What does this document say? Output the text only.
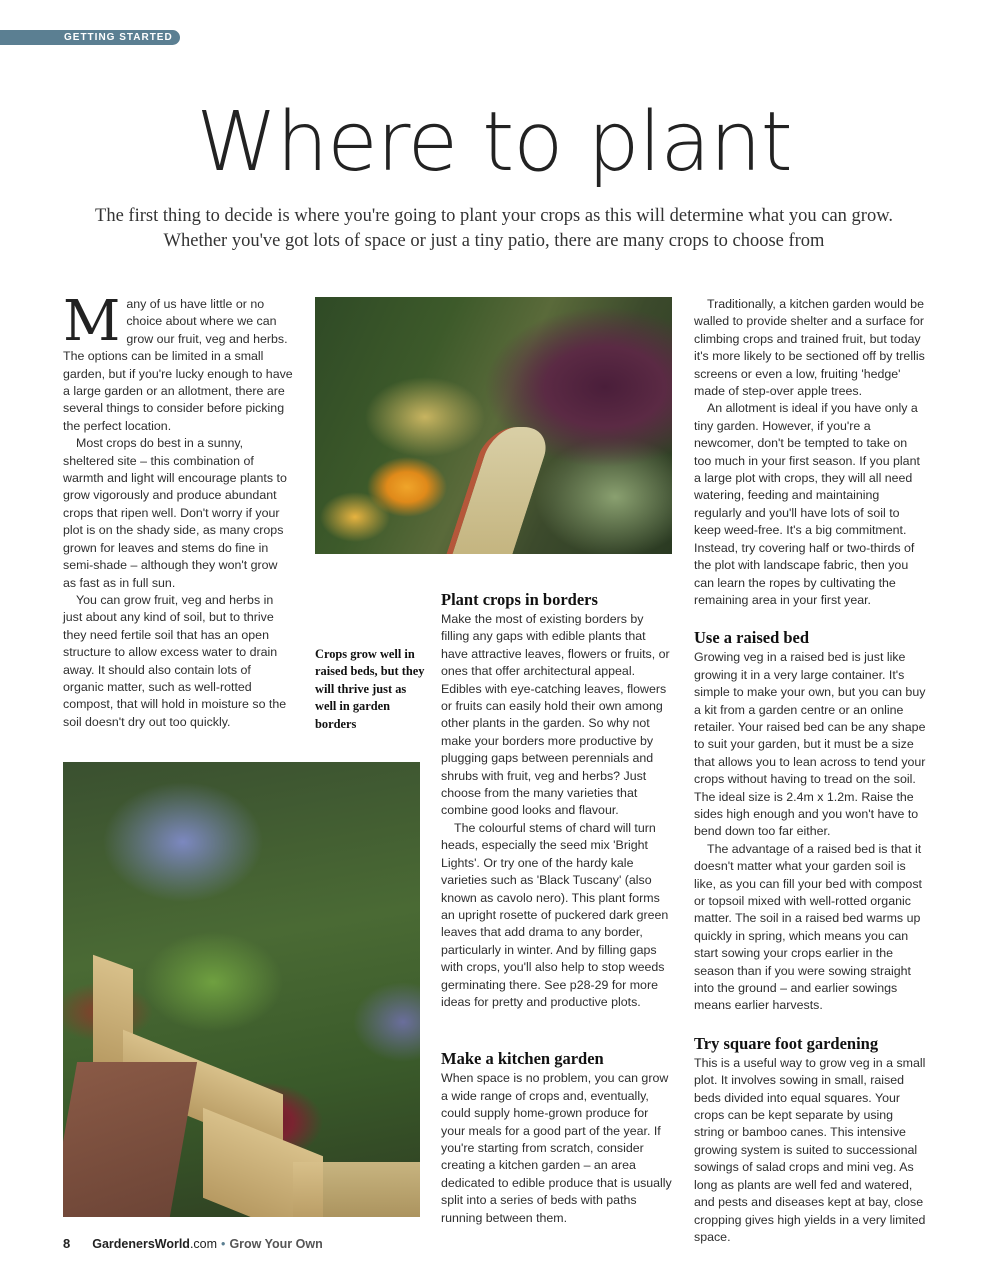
GETTING STARTED
Where to plant

The first thing to decide is where you're going to plant your crops as this will determine what you can grow. Whether you've got lots of space or just a tiny patio, there are many crops to choose from

Many of us have little or no choice about where we can grow our fruit, veg and herbs. The options can be limited in a small garden, but if you're lucky enough to have a large garden or an allotment, there are several things to consider before picking the perfect location.

Most crops do best in a sunny, sheltered site – this combination of warmth and light will encourage plants to grow vigorously and produce abundant crops that ripen well. Don't worry if your plot is on the shady side, as many crops grown for leaves and stems do fine in semi-shade – although they won't grow as fast as in full sun.

You can grow fruit, veg and herbs in just about any kind of soil, but to thrive they need fertile soil that has an open structure to allow excess water to drain away. It should also contain lots of organic matter, such as well-rotted compost, that will hold in moisture so the soil doesn't dry out too quickly.

Crops grow well in raised beds, but they will thrive just as well in garden borders
Plant crops in borders

Make the most of existing borders by filling any gaps with edible plants that have attractive leaves, flowers or fruits, or ones that offer architectural appeal. Edibles with eye-catching leaves, flowers or fruits can easily hold their own among other plants in the garden. So why not make your borders more productive by plugging gaps between perennials and shrubs with fruit, veg and herbs? Just choose from the many varieties that combine good looks and flavour.

The colourful stems of chard will turn heads, especially the seed mix 'Bright Lights'. Or try one of the hardy kale varieties such as 'Black Tuscany' (also known as cavolo nero). This plant forms an upright rosette of puckered dark green leaves that add drama to any border, particularly in winter. And by filling gaps with crops, you'll also help to stop weeds germinating there. See p28-29 for more ideas for pretty and productive plots.

Make a kitchen garden

When space is no problem, you can grow a wide range of crops and, eventually, could supply home-grown produce for your meals for a good part of the year. If you're starting from scratch, consider creating a kitchen garden – an area dedicated to edible produce that is usually split into a series of beds with paths running between them.

Traditionally, a kitchen garden would be walled to provide shelter and a surface for climbing crops and trained fruit, but today it's more likely to be sectioned off by trellis screens or even a low, fruiting 'hedge' made of step-over apple trees.

An allotment is ideal if you have only a tiny garden. However, if you're a newcomer, don't be tempted to take on too much in your first season. If you plant a large plot with crops, they will all need watering, feeding and maintaining regularly and you'll have lots of soil to keep weed-free. It's a big commitment. Instead, try covering half or two-thirds of the plot with landscape fabric, then you can learn the ropes by cultivating the remaining area in your first year.

Use a raised bed

Growing veg in a raised bed is just like growing it in a very large container. It's simple to make your own, but you can buy a kit from a garden centre or an online retailer. Your raised bed can be any shape to suit your garden, but it must be a size that allows you to lean across to tend your crops without having to tread on the soil. The ideal size is 2.4m x 1.2m. Raise the sides high enough and you won't have to bend down too far either.

The advantage of a raised bed is that it doesn't matter what your garden soil is like, as you can fill your bed with compost or topsoil mixed with well-rotted organic matter. The soil in a raised bed warms up quickly in spring, which means you can start sowing your crops earlier in the season than if you were sowing straight into the ground – and earlier sowings means earlier harvests.

Try square foot gardening

This is a useful way to grow veg in a small plot. It involves sowing in small, raised beds divided into equal squares. Your crops can be kept separate by using string or bamboo canes. This intensive growing system is suited to successional sowings of salad crops and mini veg. As long as plants are well fed and watered, and pests and diseases kept at bay, close cropping gives high yields in a very limited space.

8 GardenersWorld.com • Grow Your Own
